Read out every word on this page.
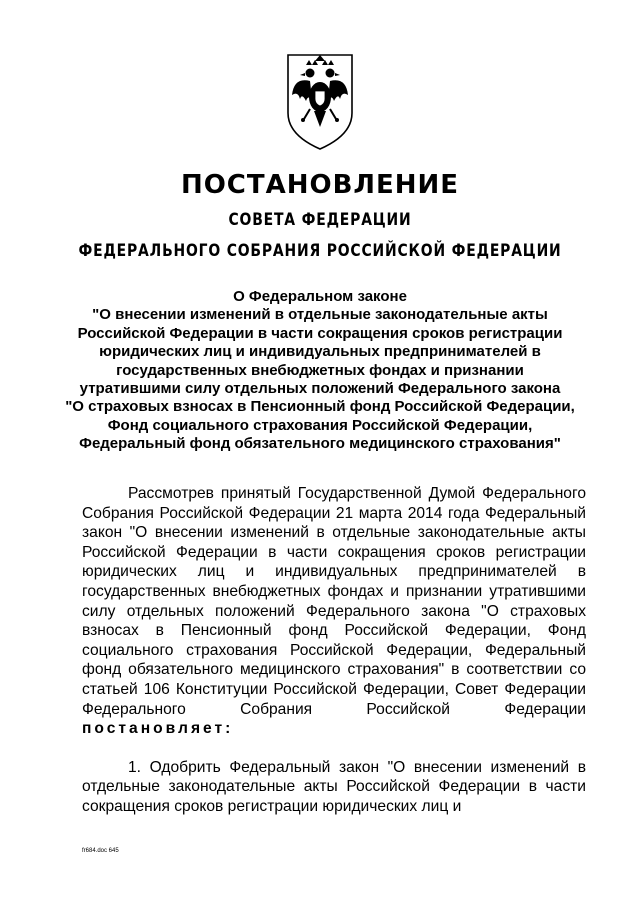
ПОСТАНОВЛЕНИЕ
СОВЕТА ФЕДЕРАЦИИ
ФЕДЕРАЛЬНОГО СОБРАНИЯ РОССИЙСКОЙ ФЕДЕРАЦИИ
О Федеральном законе
"О внесении изменений в отдельные законодательные акты
Российской Федерации в части сокращения сроков регистрации
юридических лиц и индивидуальных предпринимателей в
государственных внебюджетных фондах и признании
утратившими силу отдельных положений Федерального закона
"О страховых взносах в Пенсионный фонд Российской Федерации,
Фонд социального страхования Российской Федерации,
Федеральный фонд обязательного медицинского страхования"

Рассмотрев принятый Государственной Думой Федерального Собрания Российской Федерации 21 марта 2014 года Федеральный закон "О внесении изменений в отдельные законодательные акты Российской Федерации в части сокращения сроков регистрации юридических лиц и индивидуальных предпринимателей в государственных внебюджетных фондах и признании утратившими силу отдельных положений Федерального закона "О страховых взносах в Пенсионный фонд Российской Федерации, Фонд социального страхования Российской Федерации, Федеральный фонд обязательного медицинского страхования" в соответствии со статьей 106 Конституции Российской Федерации, Совет Федерации Федерального Собрания Российской Федерации постановляет:

1. Одобрить Федеральный закон "О внесении изменений в отдельные законодательные акты Российской Федерации в части сокращения сроков регистрации юридических лиц и

fr684.doc 645
